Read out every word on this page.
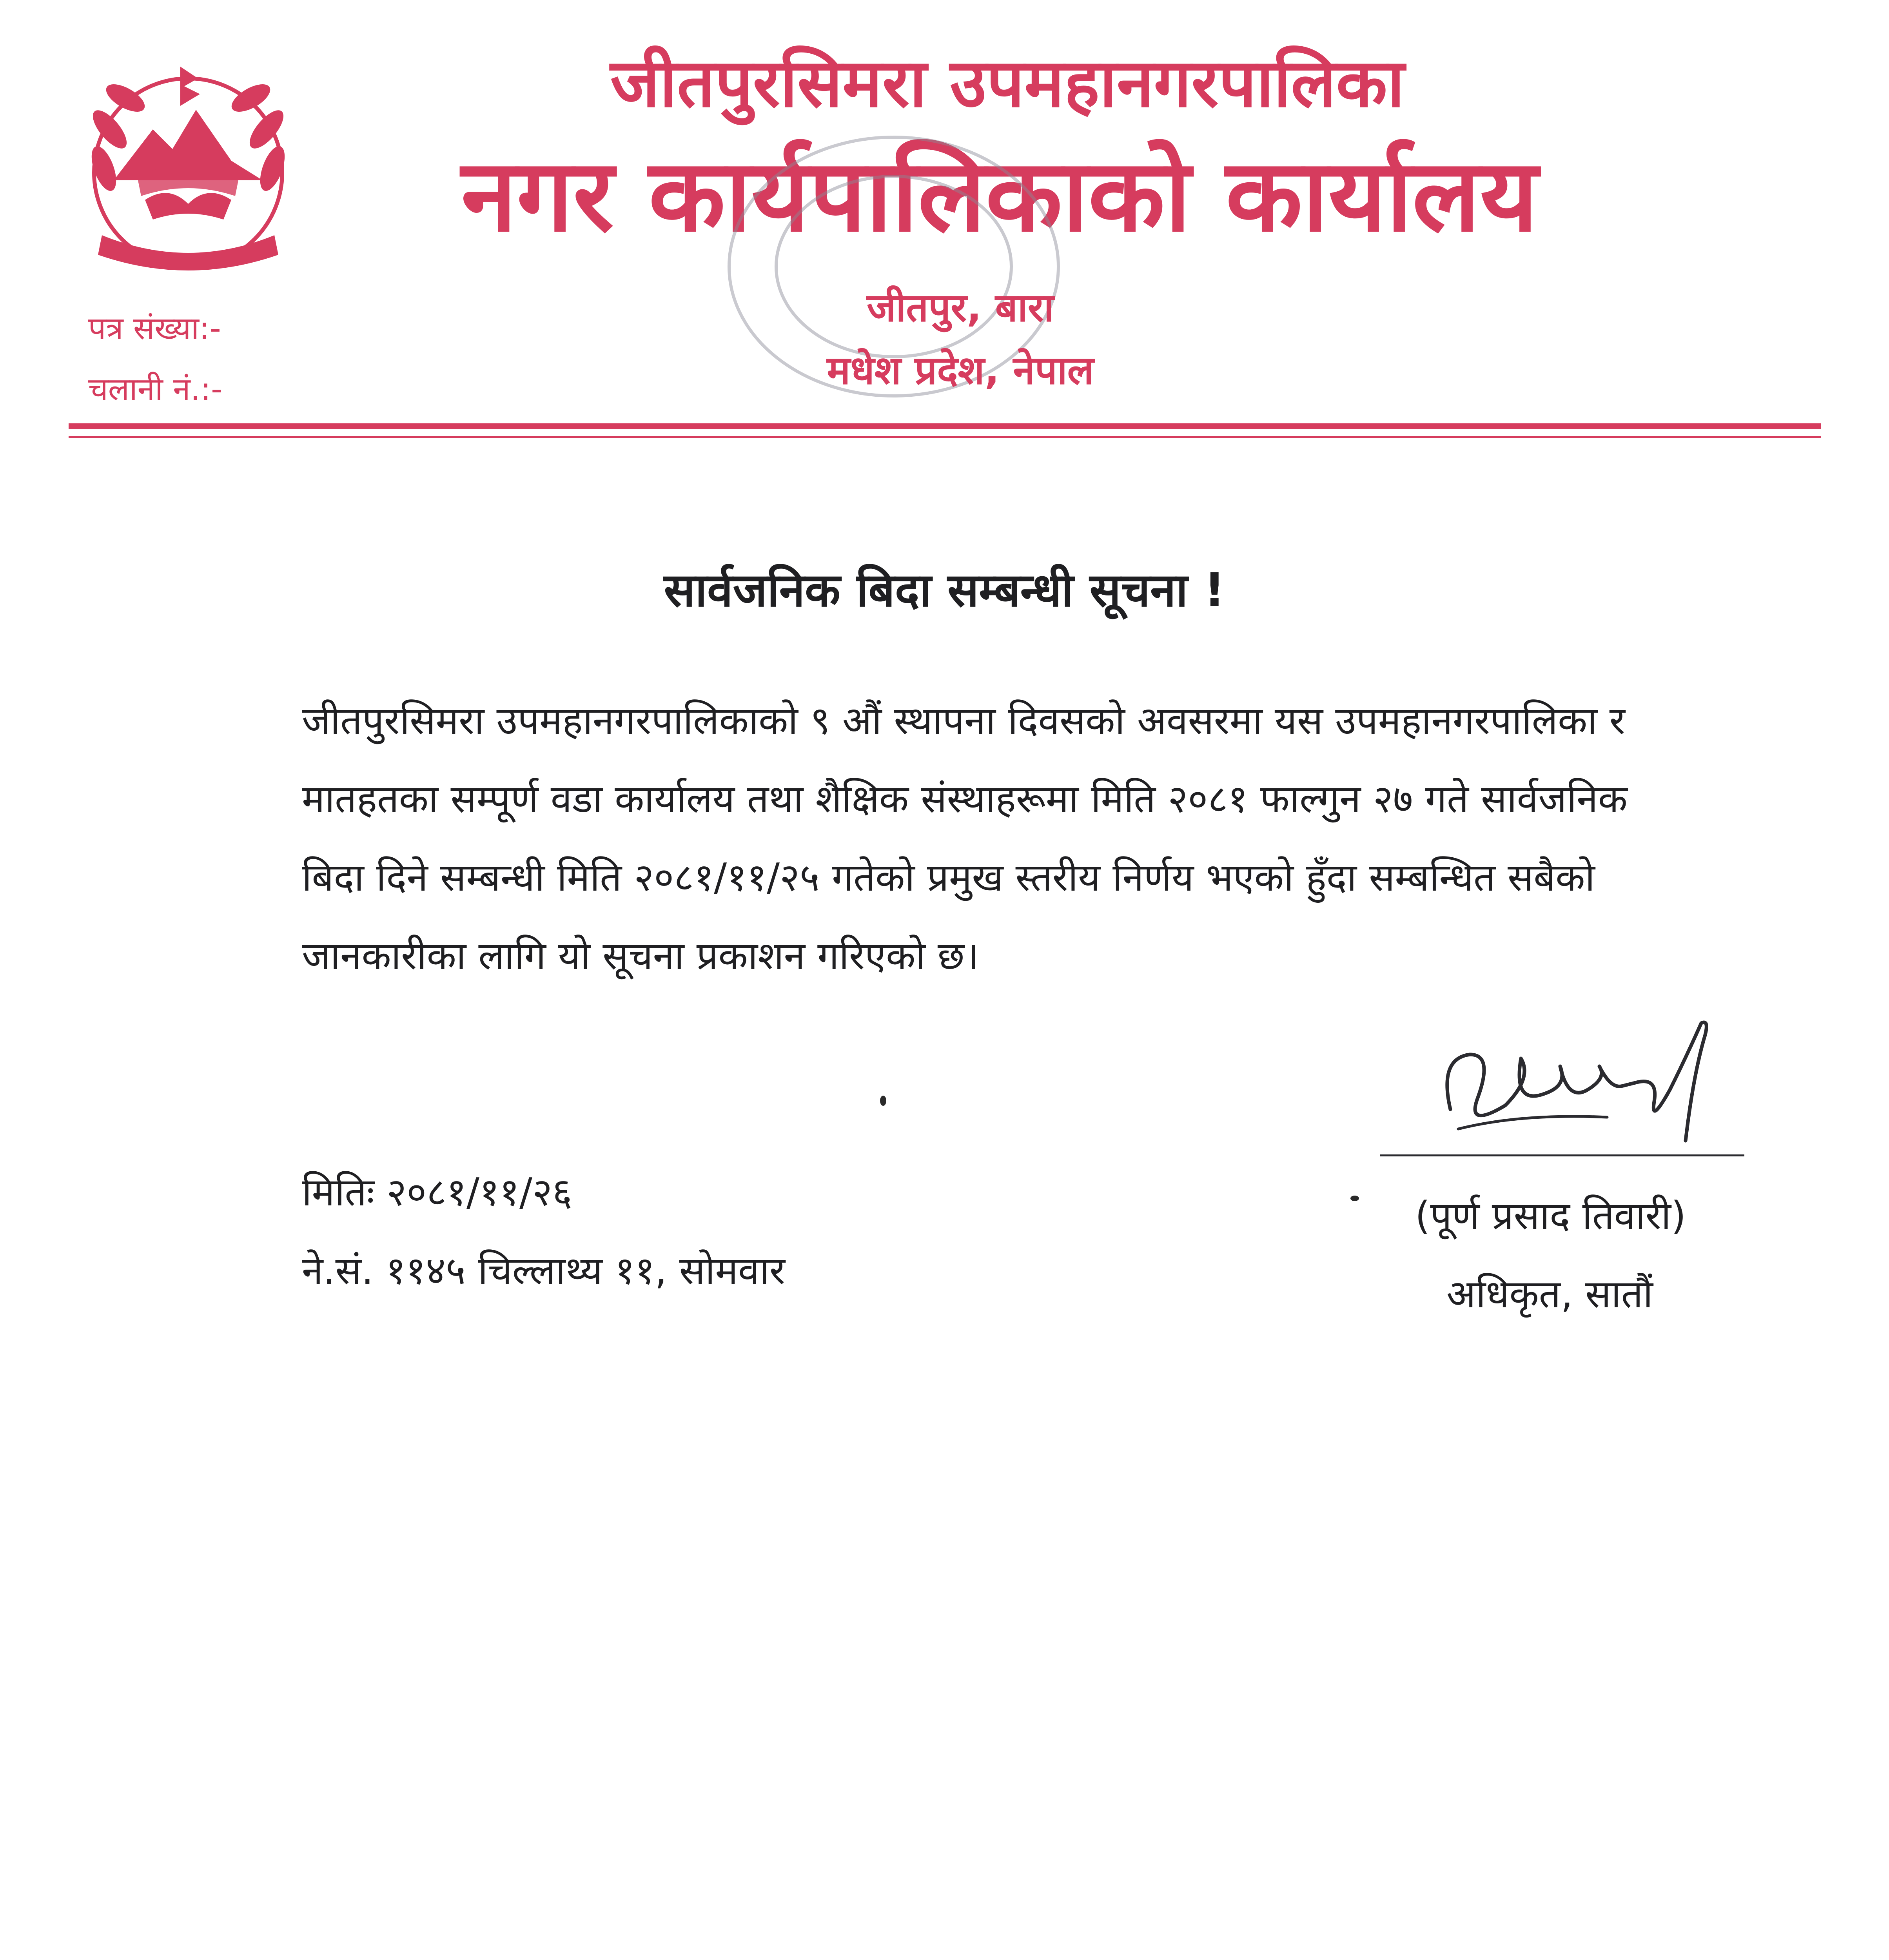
जीतपुरसिमरा उपमहानगरपालिका
नगर कार्यपालिकाको कार्यालय
जीतपुर, बारा
मधेश प्रदेश, नेपाल
पत्र संख्या:-
चलानी नं.:-
सार्वजनिक बिदा सम्बन्धी सूचना !
जीतपुरसिमरा उपमहानगरपालिकाको ९ औं स्थापना दिवसको अवसरमा यस उपमहानगरपालिका र
मातहतका सम्पूर्ण वडा कार्यालय तथा शैक्षिक संस्थाहरूमा मिति २०८१ फाल्गुन २७ गते सार्वजनिक
बिदा दिने सम्बन्धी मिति २०८१/११/२५ गतेको प्रमुख स्तरीय निर्णय भएको हुँदा सम्बन्धित सबैको
जानकारीका लागि यो सूचना प्रकाशन गरिएको छ।
(पूर्ण प्रसाद तिवारी)
अधिकृत, सातौं
मितिः २०८१/११/२६
ने.सं. ११४५ चिल्लाथ्य ११, सोमवार
